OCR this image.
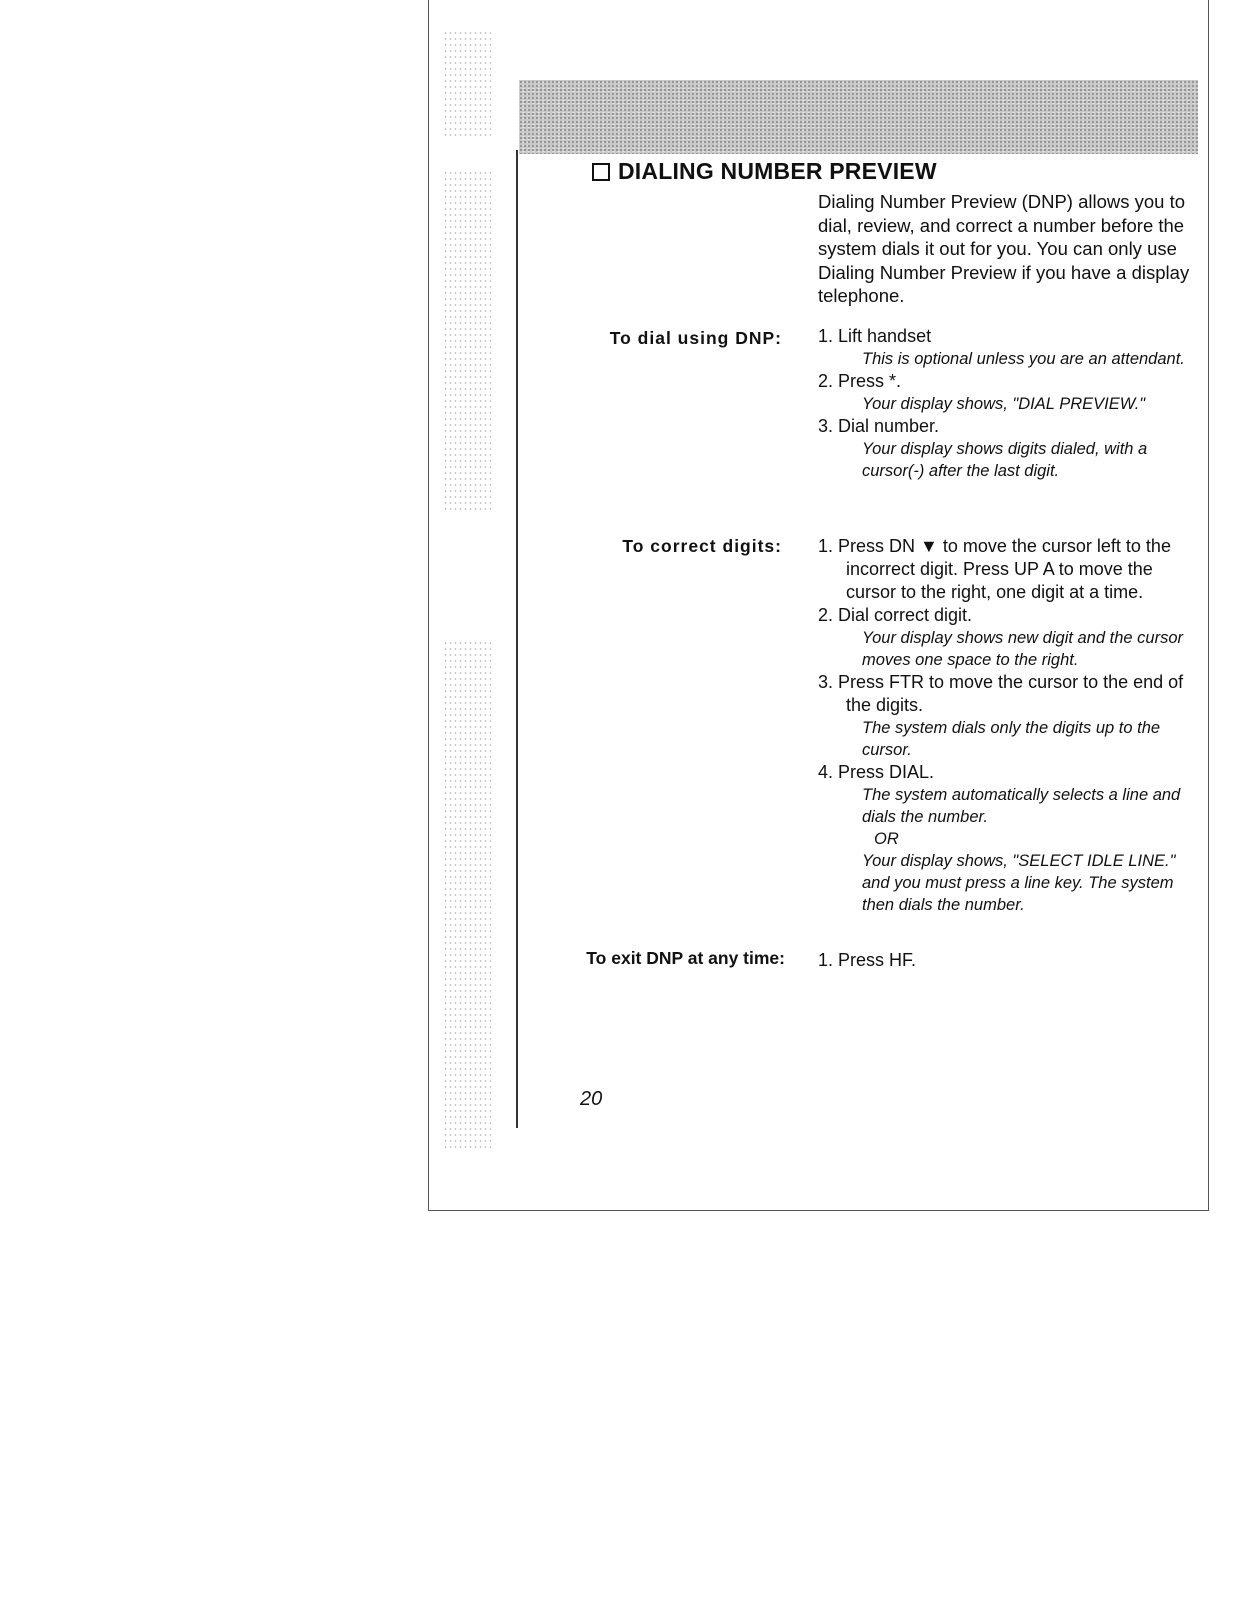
DIALING NUMBER PREVIEW

Dialing Number Preview (DNP) allows you to dial, review, and correct a number before the system dials it out for you. You can only use Dialing Number Preview if you have a display telephone.

To dial using DNP: 1. Lift handset
This is optional unless you are an attendant.
2. Press *.
Your display shows, "DIAL PREVIEW."
3. Dial number.
Your display shows digits dialed, with a cursor(-) after the last digit.
To correct digits: 1. Press DN ▼ to move the cursor left to the incorrect digit. Press UP A to move the cursor to the right, one digit at a time.
2. Dial correct digit.
Your display shows new digit and the cursor moves one space to the right.
3. Press FTR to move the cursor to the end of the digits.
The system dials only the digits up to the cursor.
4. Press DIAL.
The system automatically selects a line and dials the number.
OR
Your display shows, "SELECT IDLE LINE." and you must press a line key. The system then dials the number.
To exit DNP at any time: 1. Press HF.
20
